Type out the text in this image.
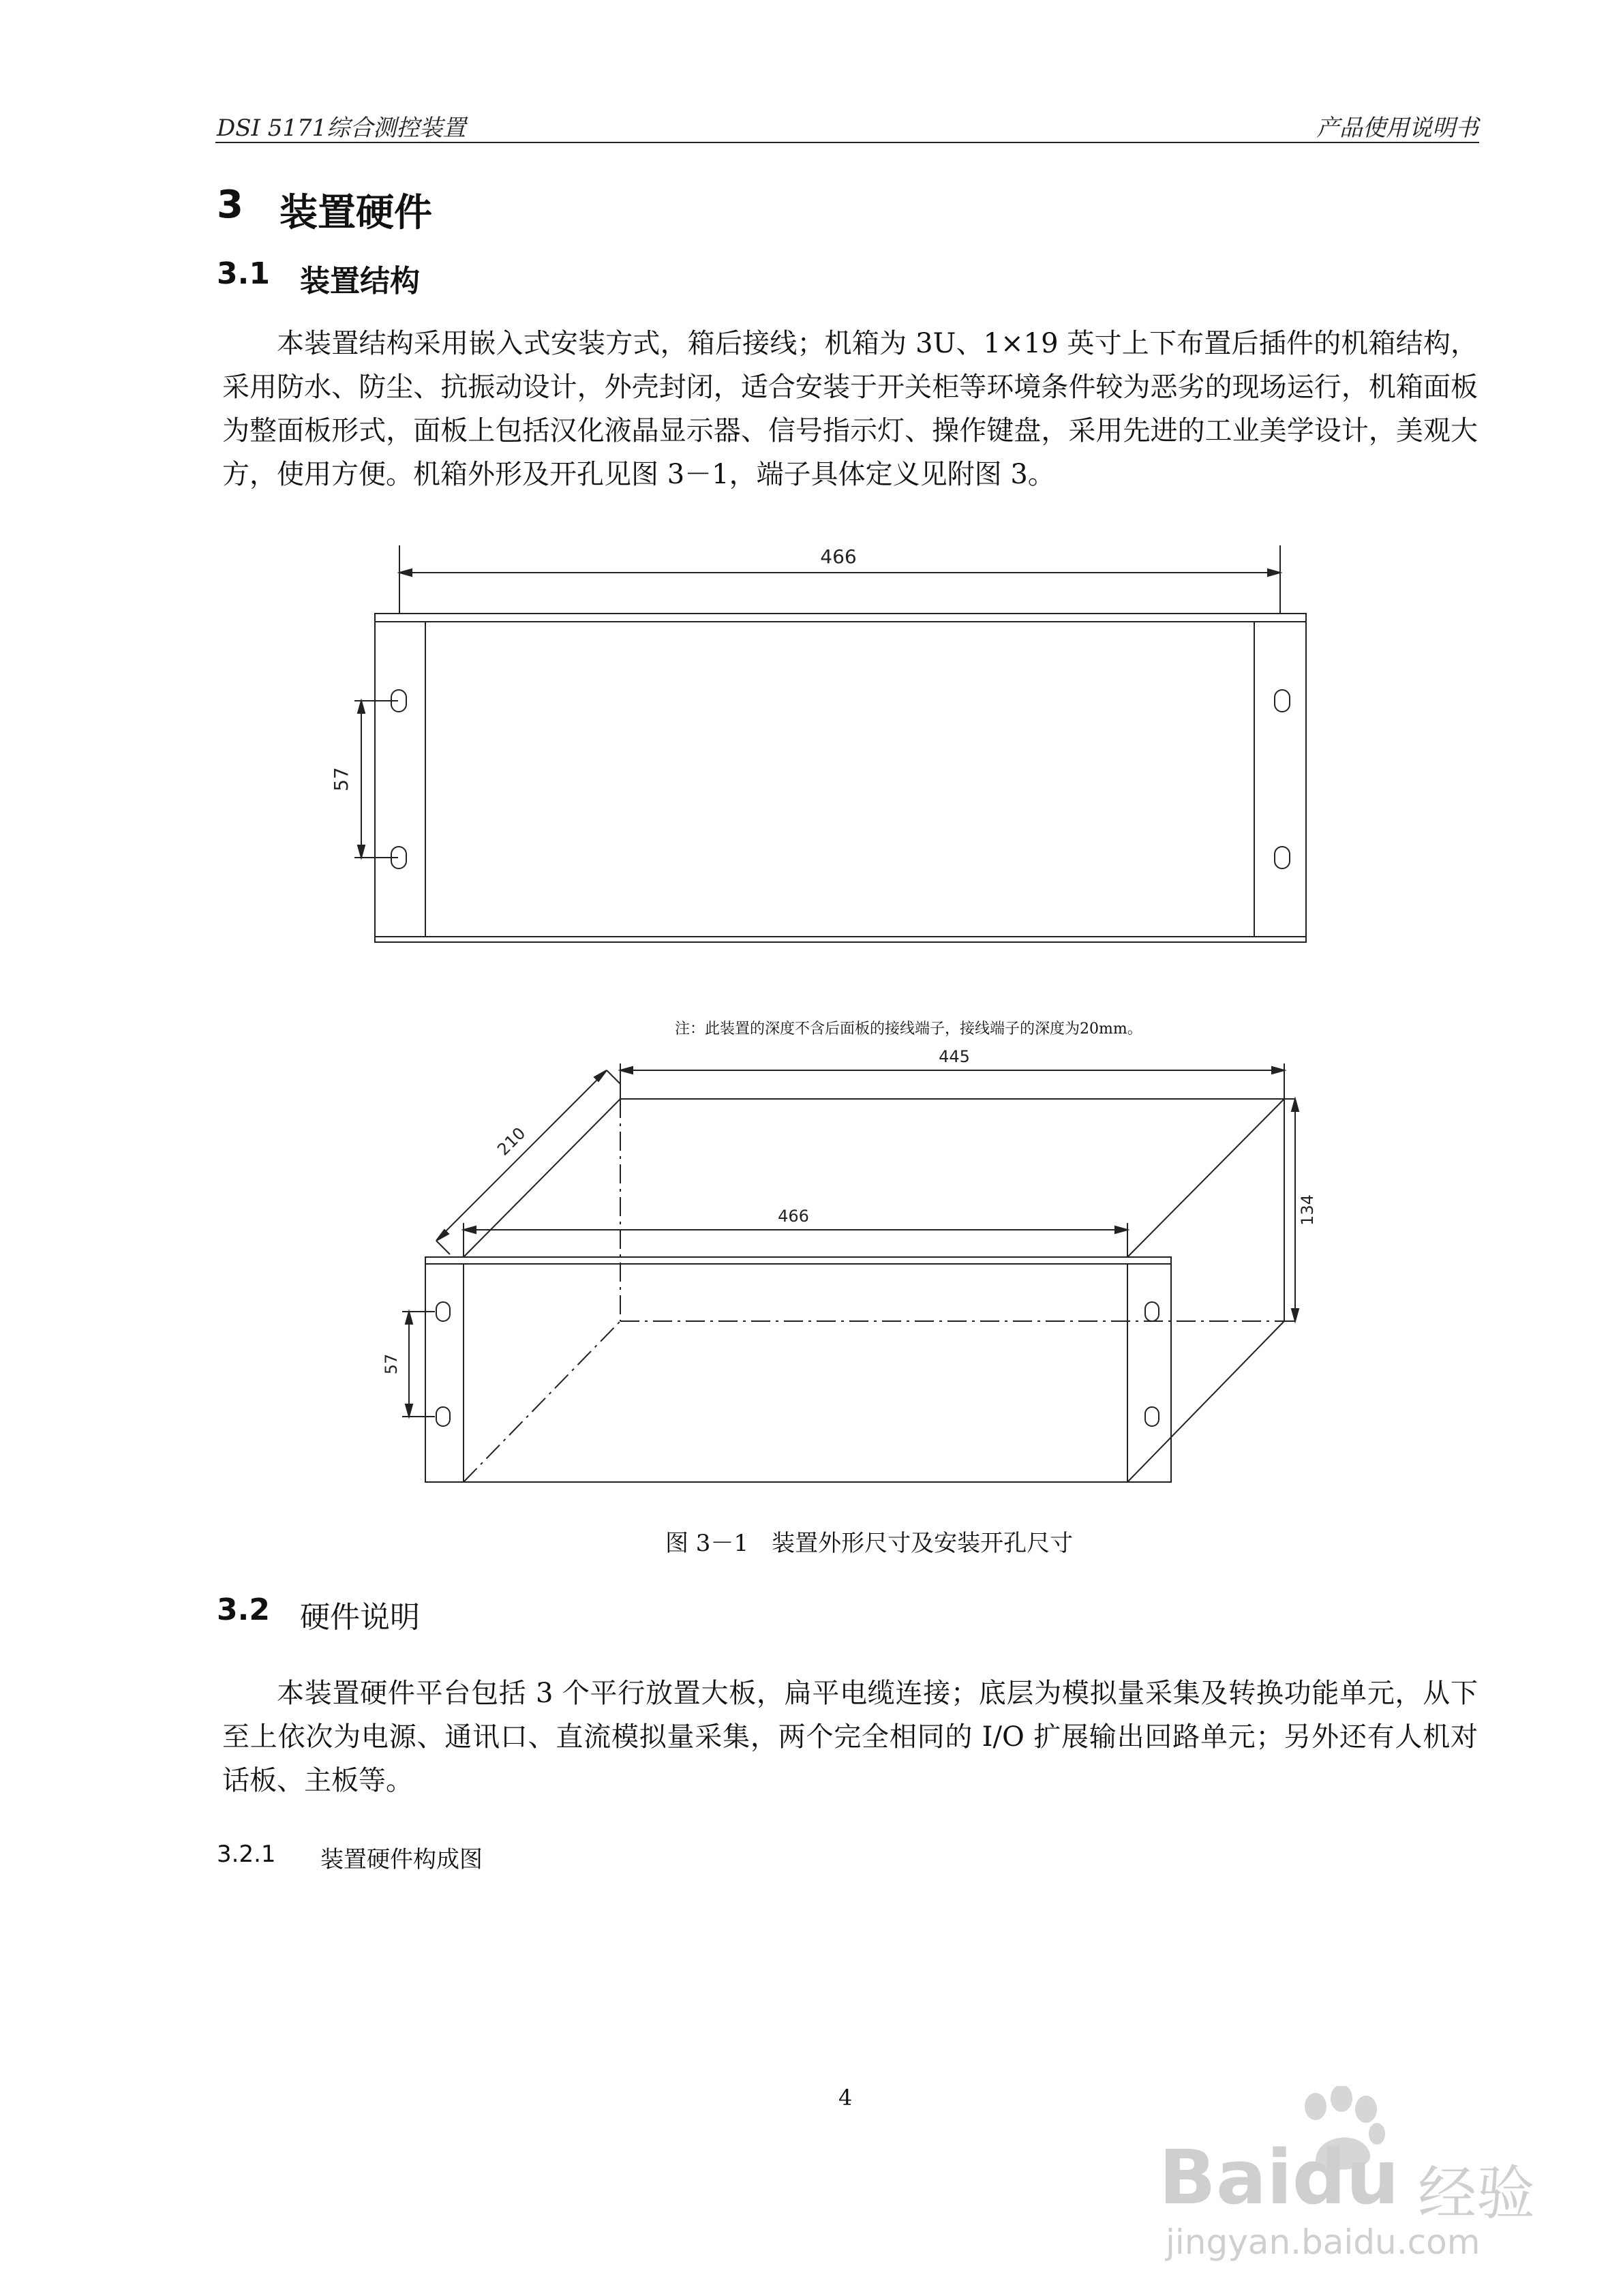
DSI 5171综合测控装置	产品使用说明书
3 装置硬件
3.1 装置结构
本装置结构采用嵌入式安装方式，箱后接线；机箱为 3U、1×19 英寸上下布置后插件的机箱结构，采用防水、防尘、抗振动设计，外壳封闭，适合安装于开关柜等环境条件较为恶劣的现场运行，机箱面板为整面板形式，面板上包括汉化液晶显示器、信号指示灯、操作键盘，采用先进的工业美学设计，美观大方，使用方便。机箱外形及开孔见图 3－1，端子具体定义见附图 3。
466
57
注：此装置的深度不含后面板的接线端子，接线端子的深度为20mm。
445
210
134
466
57
图 3－1　装置外形尺寸及安装开孔尺寸
3.2 硬件说明
本装置硬件平台包括 3 个平行放置大板，扁平电缆连接；底层为模拟量采集及转换功能单元，从下至上依次为电源、通讯口、直流模拟量采集，两个完全相同的 I/O 扩展输出回路单元；另外还有人机对话板、主板等。
3.2.1 装置硬件构成图
4
Baidu 经验
jingyan.baidu.com
